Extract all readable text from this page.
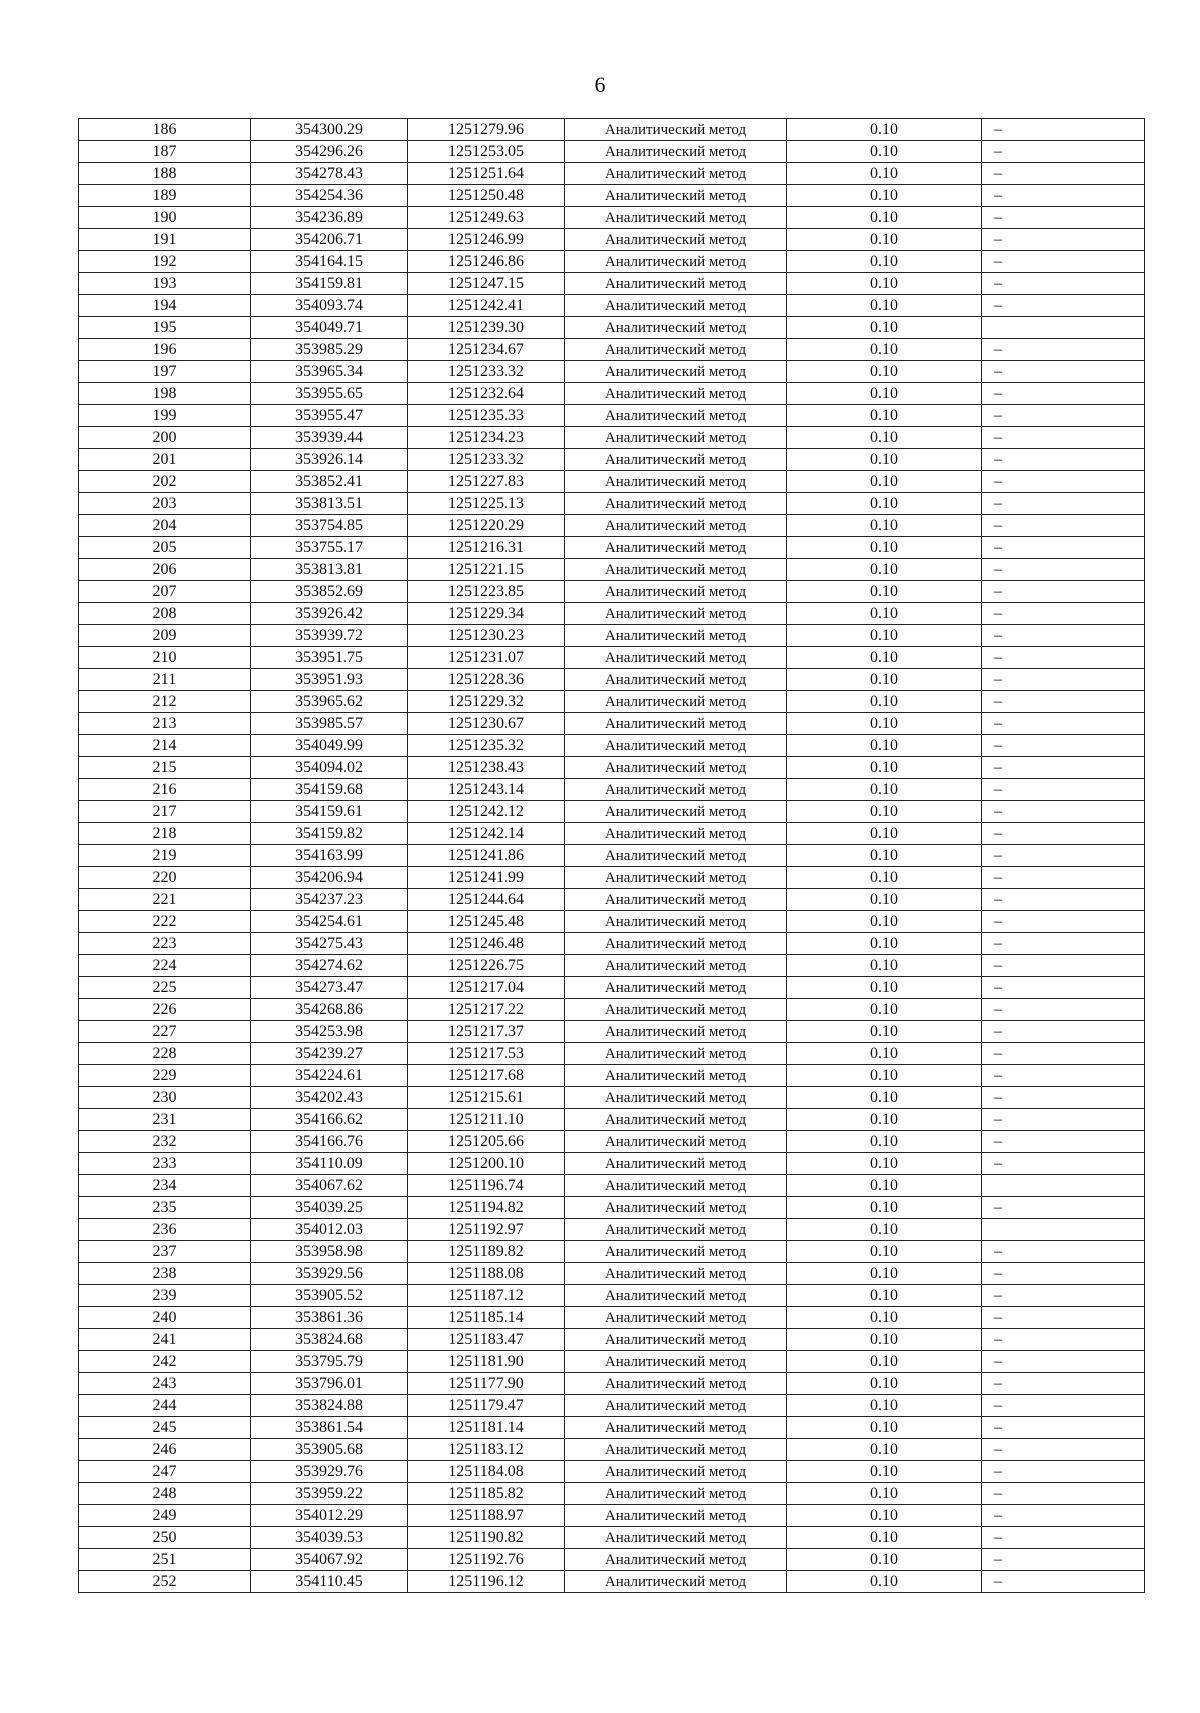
6
186	354300.29	1251279.96	Аналитический метод	0.10	–
187	354296.26	1251253.05	Аналитический метод	0.10	–
188	354278.43	1251251.64	Аналитический метод	0.10	–
189	354254.36	1251250.48	Аналитический метод	0.10	–
190	354236.89	1251249.63	Аналитический метод	0.10	–
191	354206.71	1251246.99	Аналитический метод	0.10	–
192	354164.15	1251246.86	Аналитический метод	0.10	–
193	354159.81	1251247.15	Аналитический метод	0.10	–
194	354093.74	1251242.41	Аналитический метод	0.10	–
195	354049.71	1251239.30	Аналитический метод	0.10	
196	353985.29	1251234.67	Аналитический метод	0.10	–
197	353965.34	1251233.32	Аналитический метод	0.10	–
198	353955.65	1251232.64	Аналитический метод	0.10	–
199	353955.47	1251235.33	Аналитический метод	0.10	–
200	353939.44	1251234.23	Аналитический метод	0.10	–
201	353926.14	1251233.32	Аналитический метод	0.10	–
202	353852.41	1251227.83	Аналитический метод	0.10	–
203	353813.51	1251225.13	Аналитический метод	0.10	–
204	353754.85	1251220.29	Аналитический метод	0.10	–
205	353755.17	1251216.31	Аналитический метод	0.10	–
206	353813.81	1251221.15	Аналитический метод	0.10	–
207	353852.69	1251223.85	Аналитический метод	0.10	–
208	353926.42	1251229.34	Аналитический метод	0.10	–
209	353939.72	1251230.23	Аналитический метод	0.10	–
210	353951.75	1251231.07	Аналитический метод	0.10	–
211	353951.93	1251228.36	Аналитический метод	0.10	–
212	353965.62	1251229.32	Аналитический метод	0.10	–
213	353985.57	1251230.67	Аналитический метод	0.10	–
214	354049.99	1251235.32	Аналитический метод	0.10	–
215	354094.02	1251238.43	Аналитический метод	0.10	–
216	354159.68	1251243.14	Аналитический метод	0.10	–
217	354159.61	1251242.12	Аналитический метод	0.10	–
218	354159.82	1251242.14	Аналитический метод	0.10	–
219	354163.99	1251241.86	Аналитический метод	0.10	–
220	354206.94	1251241.99	Аналитический метод	0.10	–
221	354237.23	1251244.64	Аналитический метод	0.10	–
222	354254.61	1251245.48	Аналитический метод	0.10	–
223	354275.43	1251246.48	Аналитический метод	0.10	–
224	354274.62	1251226.75	Аналитический метод	0.10	–
225	354273.47	1251217.04	Аналитический метод	0.10	–
226	354268.86	1251217.22	Аналитический метод	0.10	–
227	354253.98	1251217.37	Аналитический метод	0.10	–
228	354239.27	1251217.53	Аналитический метод	0.10	–
229	354224.61	1251217.68	Аналитический метод	0.10	–
230	354202.43	1251215.61	Аналитический метод	0.10	–
231	354166.62	1251211.10	Аналитический метод	0.10	–
232	354166.76	1251205.66	Аналитический метод	0.10	–
233	354110.09	1251200.10	Аналитический метод	0.10	–
234	354067.62	1251196.74	Аналитический метод	0.10	
235	354039.25	1251194.82	Аналитический метод	0.10	–
236	354012.03	1251192.97	Аналитический метод	0.10	
237	353958.98	1251189.82	Аналитический метод	0.10	–
238	353929.56	1251188.08	Аналитический метод	0.10	–
239	353905.52	1251187.12	Аналитический метод	0.10	–
240	353861.36	1251185.14	Аналитический метод	0.10	–
241	353824.68	1251183.47	Аналитический метод	0.10	–
242	353795.79	1251181.90	Аналитический метод	0.10	–
243	353796.01	1251177.90	Аналитический метод	0.10	–
244	353824.88	1251179.47	Аналитический метод	0.10	–
245	353861.54	1251181.14	Аналитический метод	0.10	–
246	353905.68	1251183.12	Аналитический метод	0.10	–
247	353929.76	1251184.08	Аналитический метод	0.10	–
248	353959.22	1251185.82	Аналитический метод	0.10	–
249	354012.29	1251188.97	Аналитический метод	0.10	–
250	354039.53	1251190.82	Аналитический метод	0.10	–
251	354067.92	1251192.76	Аналитический метод	0.10	–
252	354110.45	1251196.12	Аналитический метод	0.10	–
